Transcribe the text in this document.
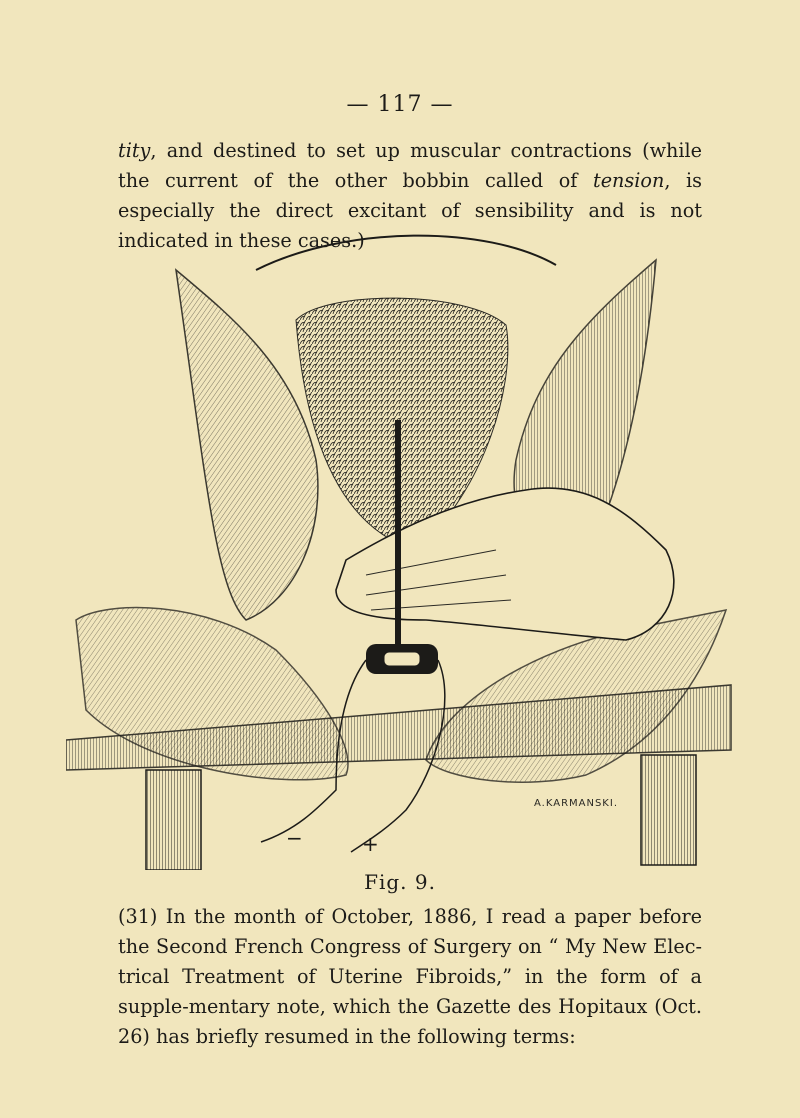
— 117 —

tity, and destined to set up muscular contractions (while the current of the other bobbin called of tension, is especially the direct excitant of sensibility and is not indicated in these cases.)

A.KARMANSKI.
−	+
Fig. 9.

(31) In the month of October, 1886, I read a paper before the Second French Congress of Surgery on “ My New Elec-trical Treatment of Uterine Fibroids,” in the form of a supple-mentary note, which the Gazette des Hopitaux (Oct. 26) has briefly resumed in the following terms:
